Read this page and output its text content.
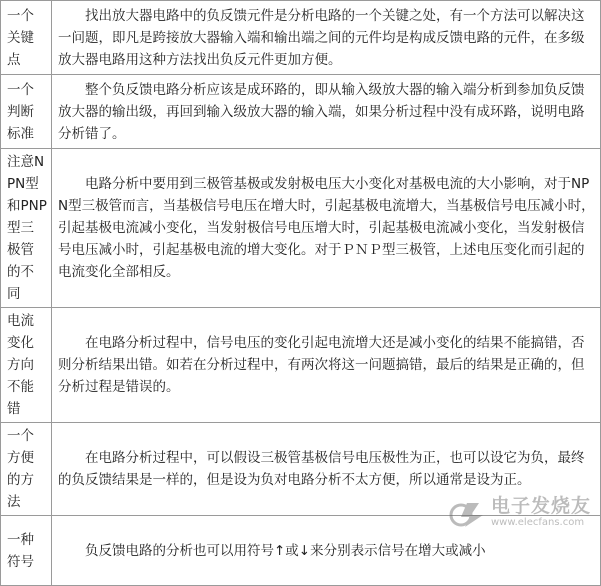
一个关键点	找出放大器电路中的负反馈元件是分析电路的一个关键之处，有一个方法可以解决这一问题，即凡是跨接放大器输入端和输出端之间的元件均是构成反馈电路的元件，在多级放大器电路用这种方法找出负反元件更加方便。
一个判断标准	整个负反馈电路分析应该是成环路的，即从输入级放大器的输入端分析到参加负反馈放大器的输出级，再回到输入级放大器的输入端，如果分析过程中没有成环路，说明电路分析错了。
注意NPN型和PNP型三极管的不同	电路分析中要用到三极管基极或发射极电压大小变化对基极电流的大小影响，对于NPN型三极管而言，当基极信号电压在增大时，引起基极电流增大，当基极信号电压减小时，引起基极电流减小变化，当发射极信号电压增大时，引起基极电流减小变化，当发射极信号电压减小时，引起基极电流的增大变化。对于ＰＮＰ型三极管，上述电压变化而引起的电流变化全部相反。
电流变化方向不能错	在电路分析过程中，信号电压的变化引起电流增大还是减小变化的结果不能搞错，否则分析结果出错。如若在分析过程中，有两次将这一问题搞错，最后的结果是正确的，但分析过程是错误的。
一个方便的方法	在电路分析过程中，可以假设三极管基极信号电压极性为正，也可以设它为负，最终的负反馈结果是一样的，但是设为负对电路分析不太方便，所以通常是设为正。
一种符号	负反馈电路的分析也可以用符号↑或↓来分别表示信号在增大或减小
电子发烧友
www.elecfans.com
